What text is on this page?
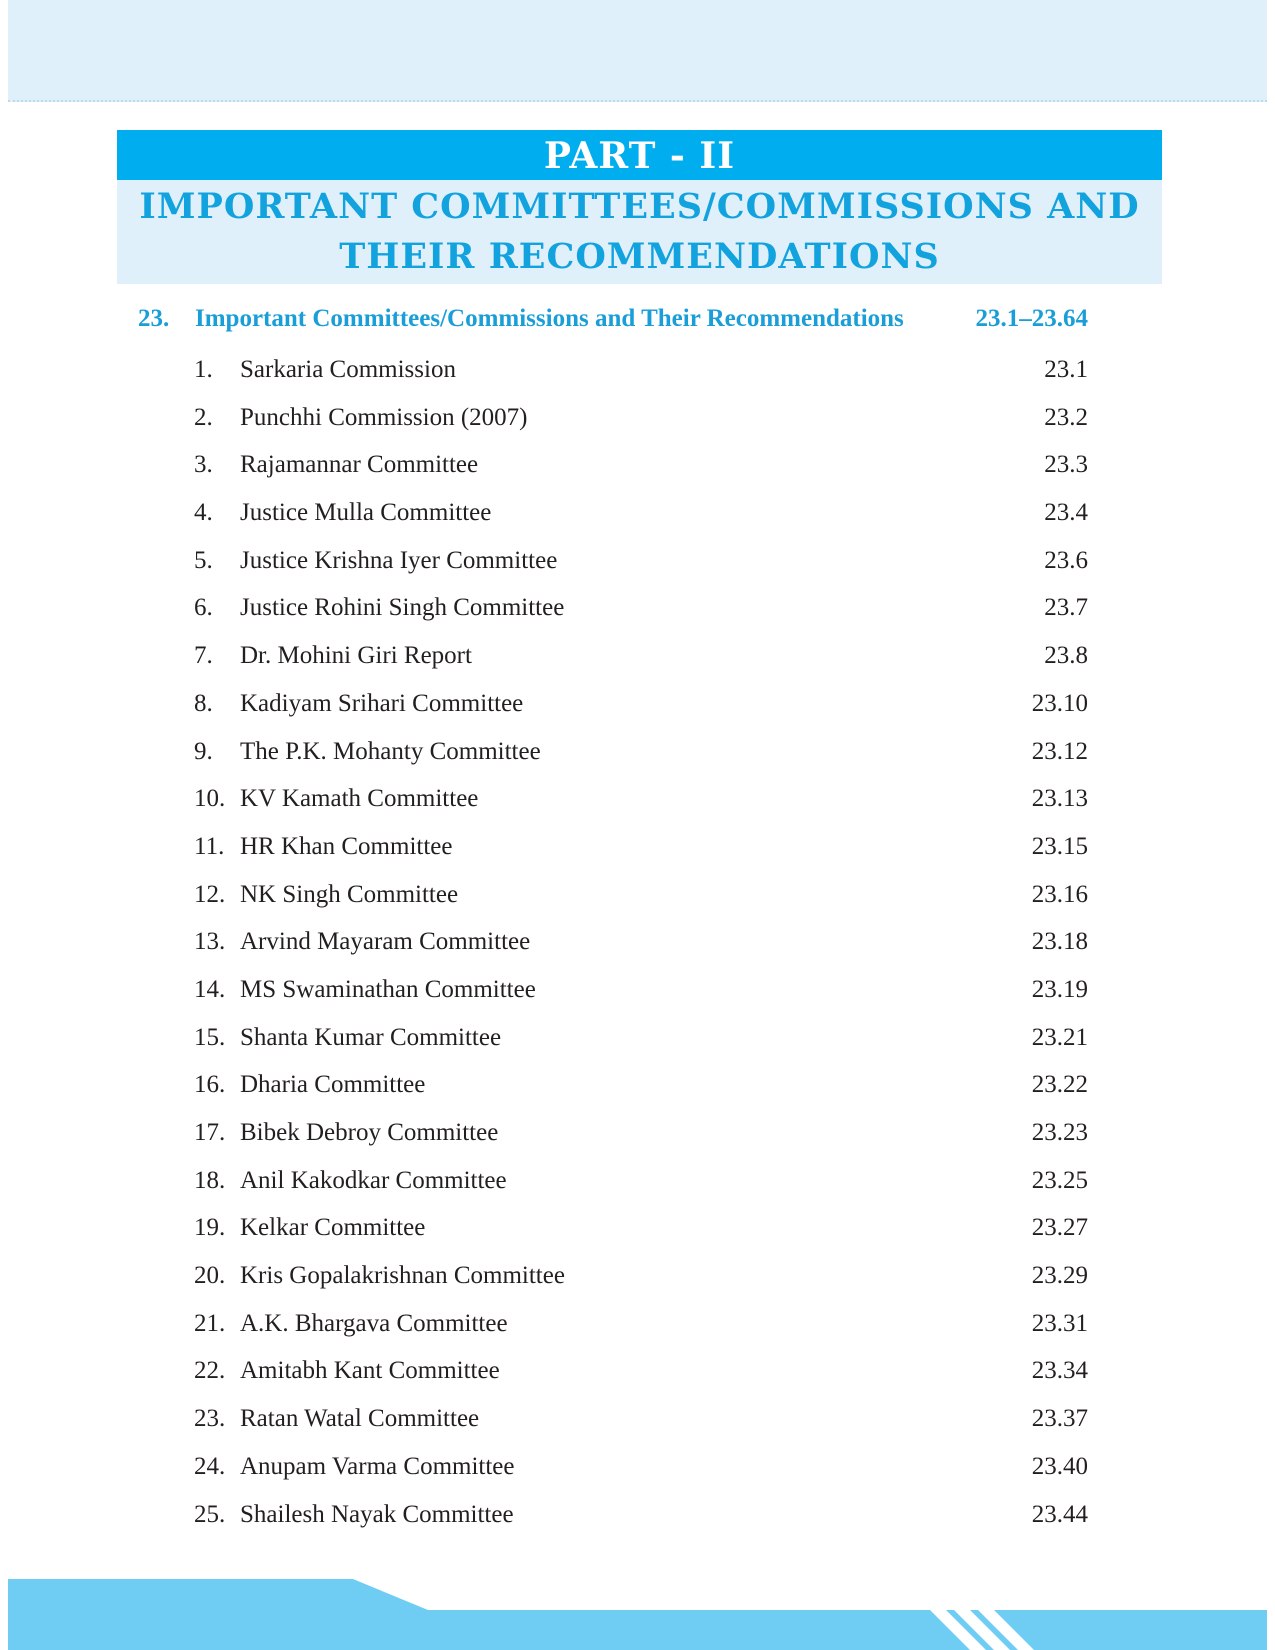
PART - II
IMPORTANT COMMITTEES/COMMISSIONS AND
THEIR RECOMMENDATIONS
23. Important Committees/Commissions and Their Recommendations	23.1–23.64
1. Sarkaria Commission	23.1
2. Punchhi Commission (2007)	23.2
3. Rajamannar Committee	23.3
4. Justice Mulla Committee	23.4
5. Justice Krishna Iyer Committee	23.6
6. Justice Rohini Singh Committee	23.7
7. Dr. Mohini Giri Report	23.8
8. Kadiyam Srihari Committee	23.10
9. The P.K. Mohanty Committee	23.12
10. KV Kamath Committee	23.13
11. HR Khan Committee	23.15
12. NK Singh Committee	23.16
13. Arvind Mayaram Committee	23.18
14. MS Swaminathan Committee	23.19
15. Shanta Kumar Committee	23.21
16. Dharia Committee	23.22
17. Bibek Debroy Committee	23.23
18. Anil Kakodkar Committee	23.25
19. Kelkar Committee	23.27
20. Kris Gopalakrishnan Committee	23.29
21. A.K. Bhargava Committee	23.31
22. Amitabh Kant Committee	23.34
23. Ratan Watal Committee	23.37
24. Anupam Varma Committee	23.40
25. Shailesh Nayak Committee	23.44
